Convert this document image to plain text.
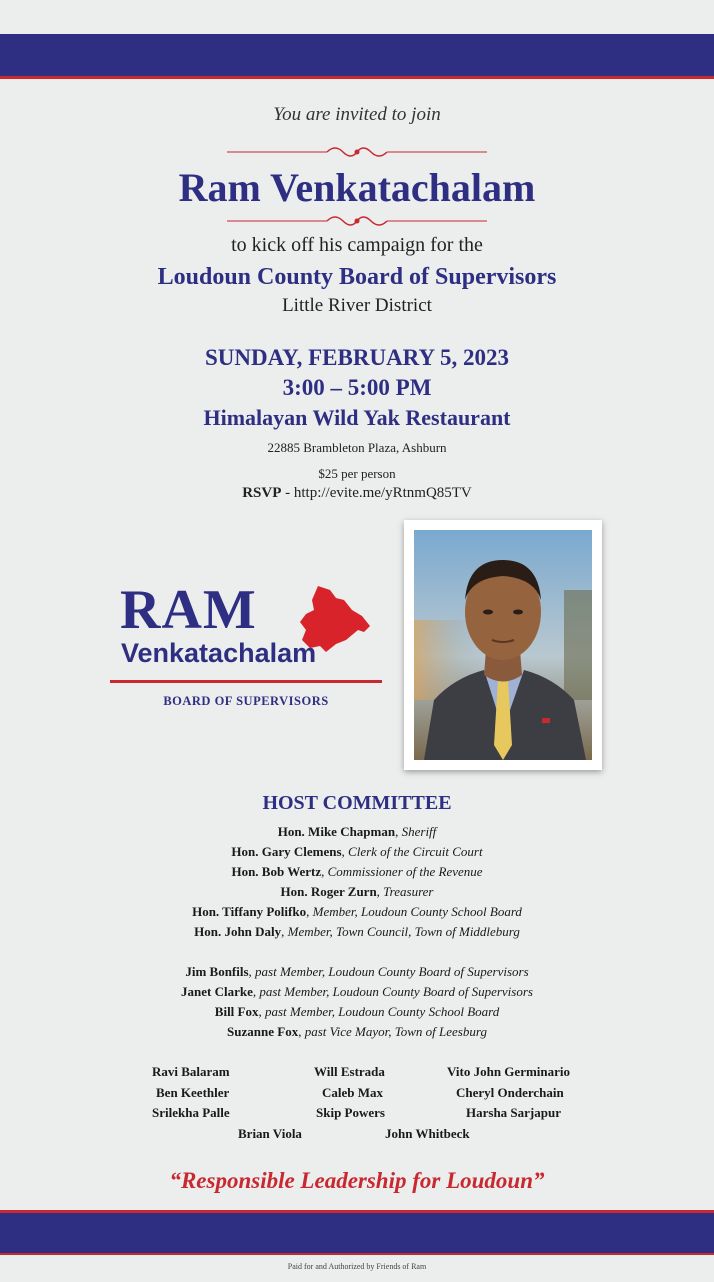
You are invited to join
Ram Venkatachalam
to kick off his campaign for the
Loudoun County Board of Supervisors
Little River District
SUNDAY, FEBRUARY 5, 2023
3:00 – 5:00 PM
Himalayan Wild Yak Restaurant
22885 Brambleton Plaza, Ashburn
$25 per person
RSVP - http://evite.me/yRtnmQ85TV
RAM
Venkatachalam
BOARD OF SUPERVISORS
HOST COMMITTEE
Hon. Mike Chapman, Sheriff
Hon. Gary Clemens, Clerk of the Circuit Court
Hon. Bob Wertz, Commissioner of the Revenue
Hon. Roger Zurn, Treasurer
Hon. Tiffany Polifko, Member, Loudoun County School Board
Hon. John Daly, Member, Town Council, Town of Middleburg
Jim Bonfils, past Member, Loudoun County Board of Supervisors
Janet Clarke, past Member, Loudoun County Board of Supervisors
Bill Fox, past Member, Loudoun County School Board
Suzanne Fox, past Vice Mayor, Town of Leesburg
Ravi Balaram	Will Estrada	Vito John Germinario
Ben Keethler	Caleb Max	Cheryl Onderchain
Srilekha Palle	Skip Powers	Harsha Sarjapur
Brian Viola	John Whitbeck
“Responsible Leadership for Loudoun”
Paid for and Authorized by Friends of Ram
